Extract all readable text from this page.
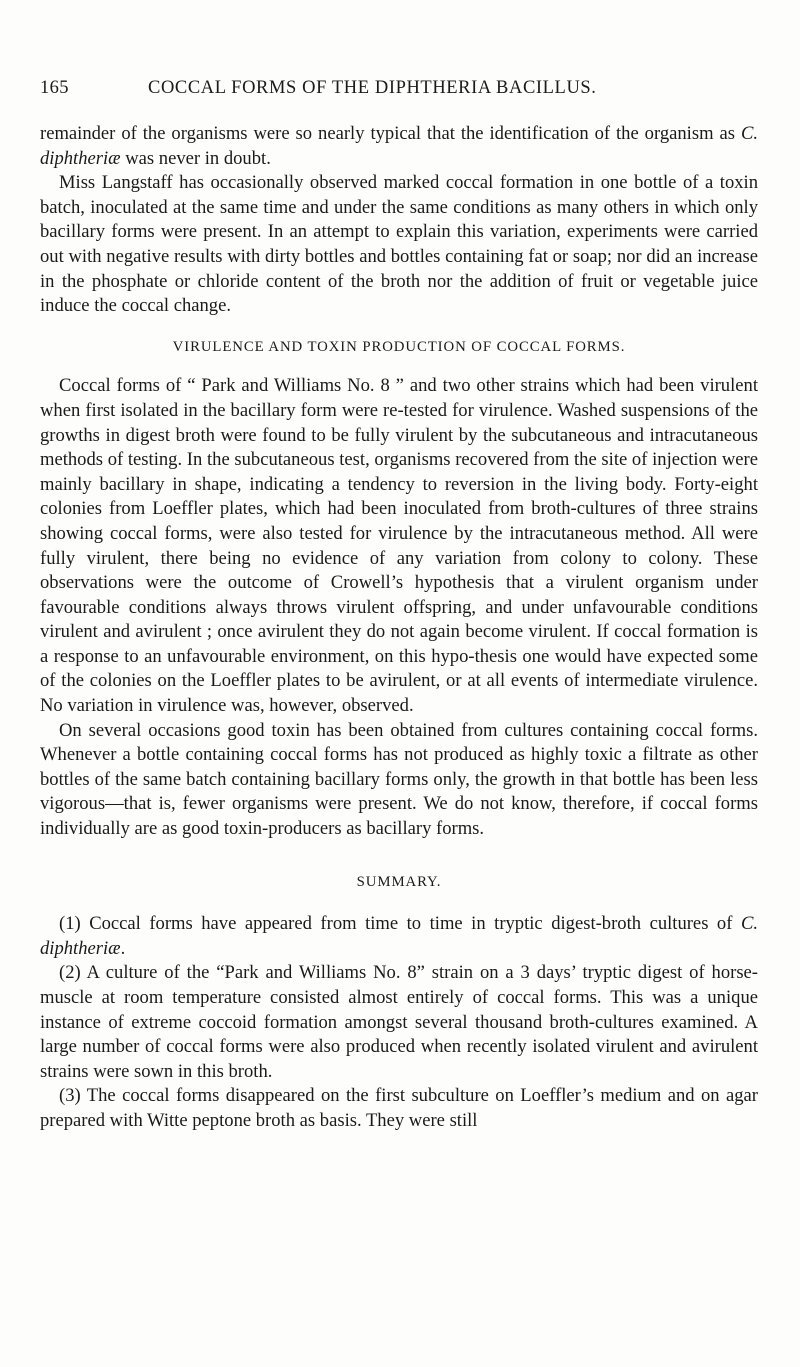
165	COCCAL FORMS OF THE DIPHTHERIA BACILLUS.

remainder of the organisms were so nearly typical that the identification of the organism as C. diphtheriæ was never in doubt.

Miss Langstaff has occasionally observed marked coccal formation in one bottle of a toxin batch, inoculated at the same time and under the same conditions as many others in which only bacillary forms were present. In an attempt to explain this variation, experiments were carried out with negative results with dirty bottles and bottles containing fat or soap; nor did an increase in the phosphate or chloride content of the broth nor the addition of fruit or vegetable juice induce the coccal change.

VIRULENCE AND TOXIN PRODUCTION OF COCCAL FORMS.

Coccal forms of “ Park and Williams No. 8 ” and two other strains which had been virulent when first isolated in the bacillary form were re-tested for virulence. Washed suspensions of the growths in digest broth were found to be fully virulent by the subcutaneous and intracutaneous methods of testing. In the subcutaneous test, organisms recovered from the site of injection were mainly bacillary in shape, indicating a tendency to reversion in the living body. Forty-eight colonies from Loeffler plates, which had been inoculated from broth-cultures of three strains showing coccal forms, were also tested for virulence by the intracutaneous method. All were fully virulent, there being no evidence of any variation from colony to colony. These observations were the outcome of Crowell’s hypothesis that a virulent organism under favourable conditions always throws virulent offspring, and under unfavourable conditions virulent and avirulent ; once avirulent they do not again become virulent. If coccal formation is a response to an unfavourable environment, on this hypo-thesis one would have expected some of the colonies on the Loeffler plates to be avirulent, or at all events of intermediate virulence. No variation in virulence was, however, observed.

On several occasions good toxin has been obtained from cultures containing coccal forms. Whenever a bottle containing coccal forms has not produced as highly toxic a filtrate as other bottles of the same batch containing bacillary forms only, the growth in that bottle has been less vigorous—that is, fewer organisms were present. We do not know, therefore, if coccal forms individually are as good toxin-producers as bacillary forms.

SUMMARY.

(1) Coccal forms have appeared from time to time in tryptic digest-broth cultures of C. diphtheriæ.

(2) A culture of the “Park and Williams No. 8” strain on a 3 days’ tryptic digest of horse-muscle at room temperature consisted almost entirely of coccal forms. This was a unique instance of extreme coccoid formation amongst several thousand broth-cultures examined. A large number of coccal forms were also produced when recently isolated virulent and avirulent strains were sown in this broth.

(3) The coccal forms disappeared on the first subculture on Loeffler’s medium and on agar prepared with Witte peptone broth as basis. They were still
